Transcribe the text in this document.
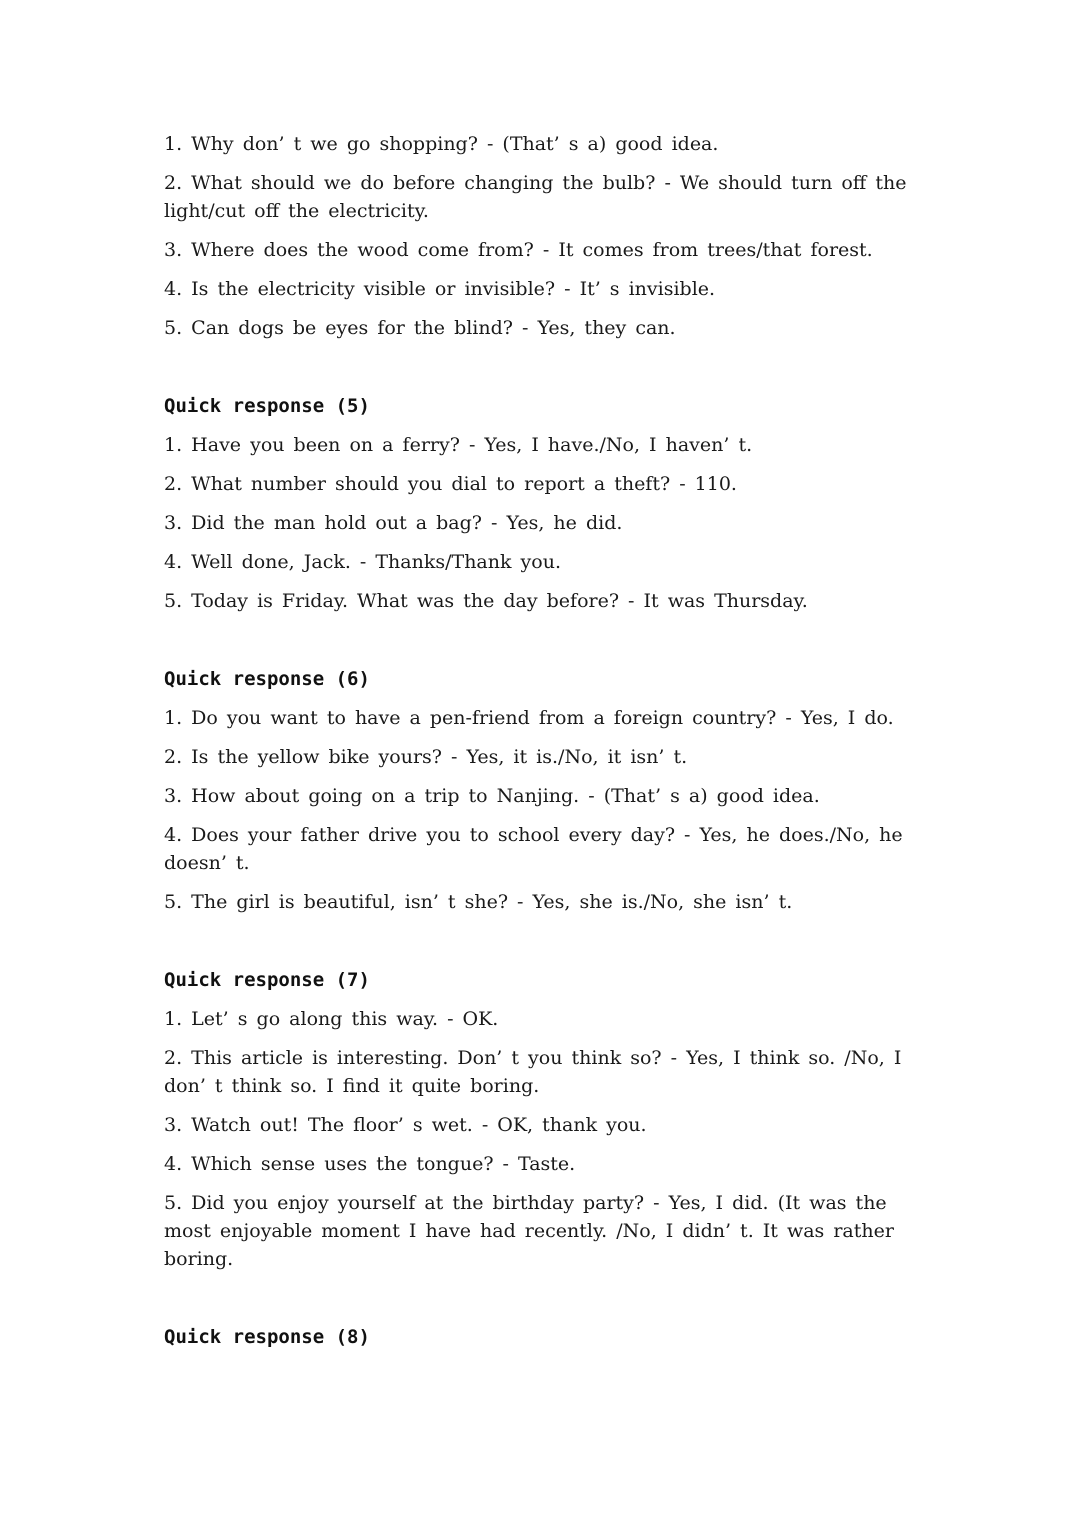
1. Why don’ t we go shopping? - (That’ s a) good idea.

2. What should we do before changing the bulb? - We should turn off the light/cut off the electricity.

3. Where does the wood come from? - It comes from trees/that forest.

4. Is the electricity visible or invisible? - It’ s invisible.

5. Can dogs be eyes for the blind? - Yes, they can.

Quick response (5)

1. Have you been on a ferry? - Yes, I have./No, I haven’ t.

2. What number should you dial to report a theft? - 110.

3. Did the man hold out a bag? - Yes, he did.

4. Well done, Jack. - Thanks/Thank you.

5. Today is Friday. What was the day before? - It was Thursday.

Quick response (6)

1. Do you want to have a pen-friend from a foreign country? - Yes, I do.

2. Is the yellow bike yours? - Yes, it is./No, it isn’ t.

3. How about going on a trip to Nanjing. - (That’ s a) good idea.

4. Does your father drive you to school every day? - Yes, he does./No, he doesn’ t.

5. The girl is beautiful, isn’ t she? - Yes, she is./No, she isn’ t.

Quick response (7)

1. Let’ s go along this way. - OK.

2. This article is interesting. Don’ t you think so? - Yes, I think so. /No, I don’ t think so. I find it quite boring.

3. Watch out! The floor’ s wet. - OK, thank you.

4. Which sense uses the tongue? - Taste.

5. Did you enjoy yourself at the birthday party? - Yes, I did. (It was the most enjoyable moment I have had recently. /No, I didn’ t. It was rather boring.

Quick response (8)
